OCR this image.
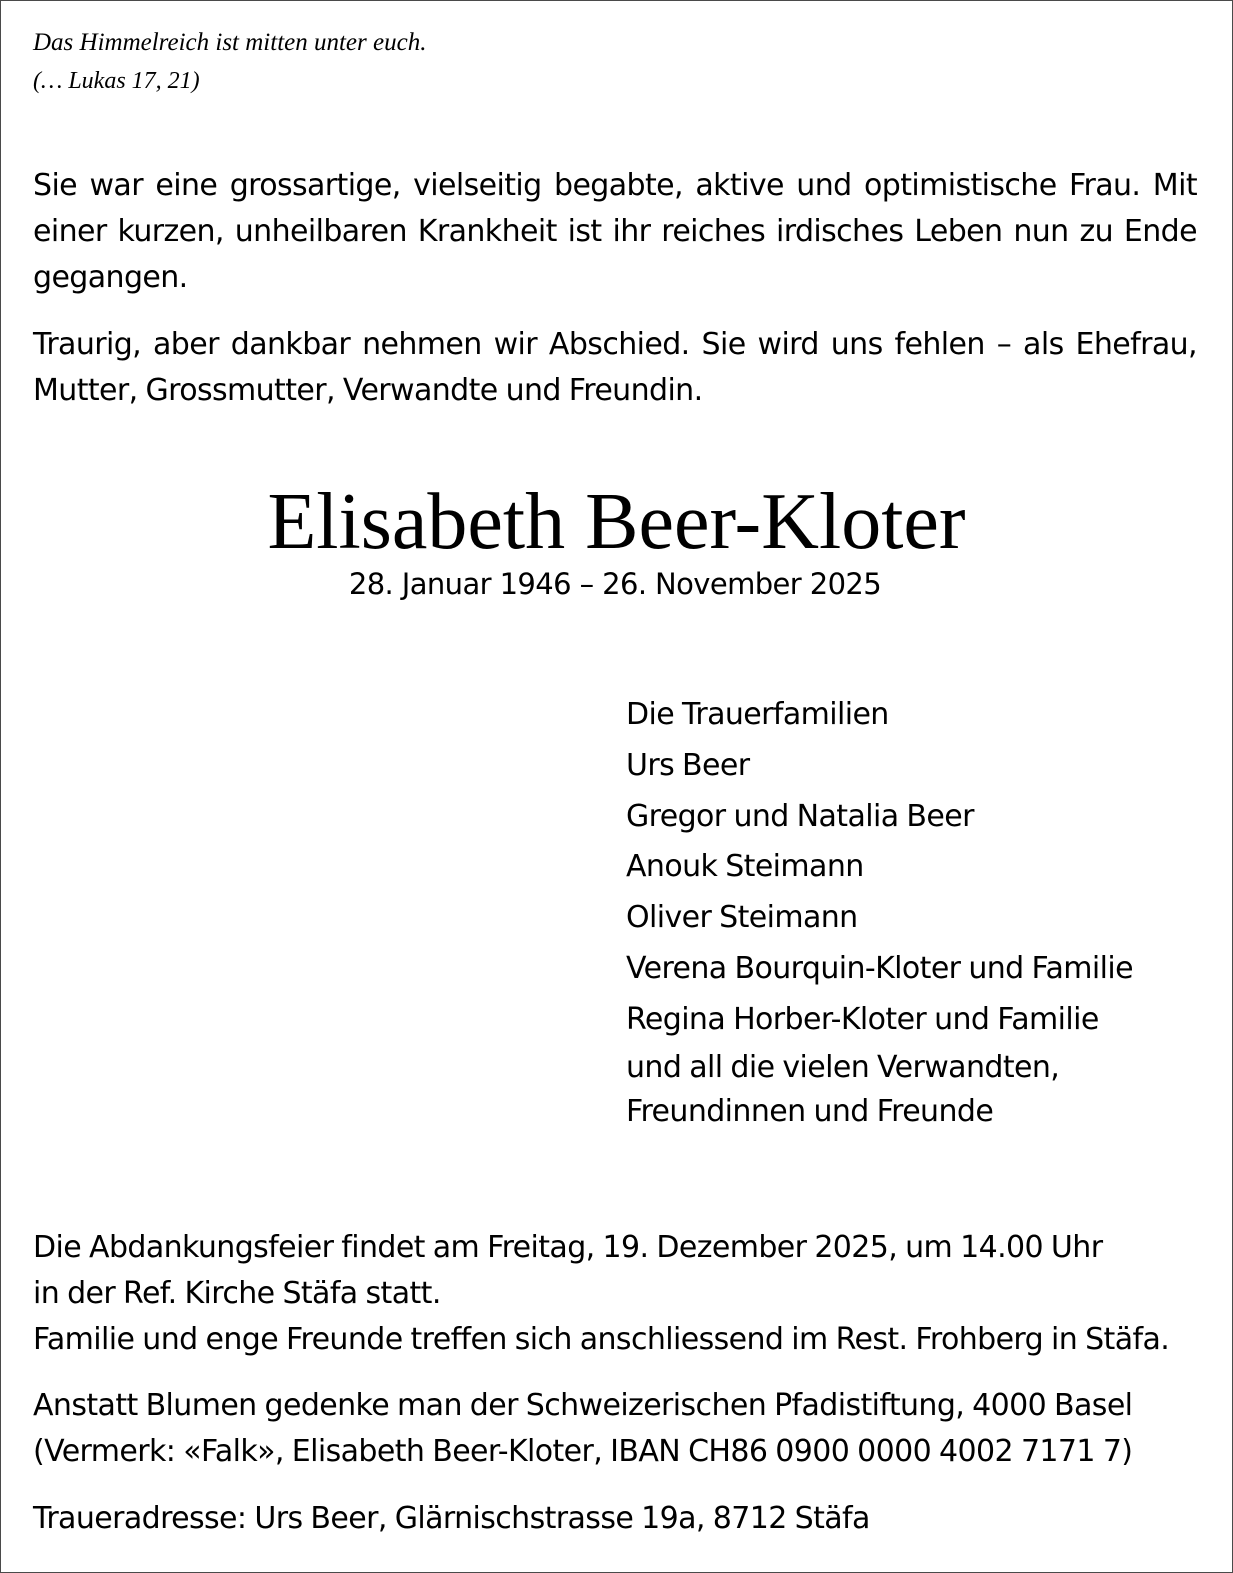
Das Himmelreich ist mitten unter euch.
(… Lukas 17, 21)
Sie war eine grossartige, vielseitig begabte, aktive und optimistische Frau. Mit einer kurzen, unheilbaren Krankheit ist ihr reiches irdisches Leben nun zu Ende gegangen.
Traurig, aber dankbar nehmen wir Abschied. Sie wird uns fehlen – als Ehefrau, Mutter, Grossmutter, Verwandte und Freundin.
Elisabeth Beer-Kloter
28. Januar 1946 – 26. November 2025
Die Trauerfamilien
Urs Beer
Gregor und Natalia Beer
Anouk Steimann
Oliver Steimann
Verena Bourquin-Kloter und Familie
Regina Horber-Kloter und Familie
und all die vielen Verwandten,
Freundinnen und Freunde
Die Abdankungsfeier findet am Freitag, 19. Dezember 2025, um 14.00 Uhr
in der Ref. Kirche Stäfa statt.
Familie und enge Freunde treffen sich anschliessend im Rest. Frohberg in Stäfa.
Anstatt Blumen gedenke man der Schweizerischen Pfadistiftung, 4000 Basel
(Vermerk: «Falk», Elisabeth Beer-Kloter, IBAN CH86 0900 0000 4002 7171 7)
Traueradresse: Urs Beer, Glärnischstrasse 19a, 8712 Stäfa
